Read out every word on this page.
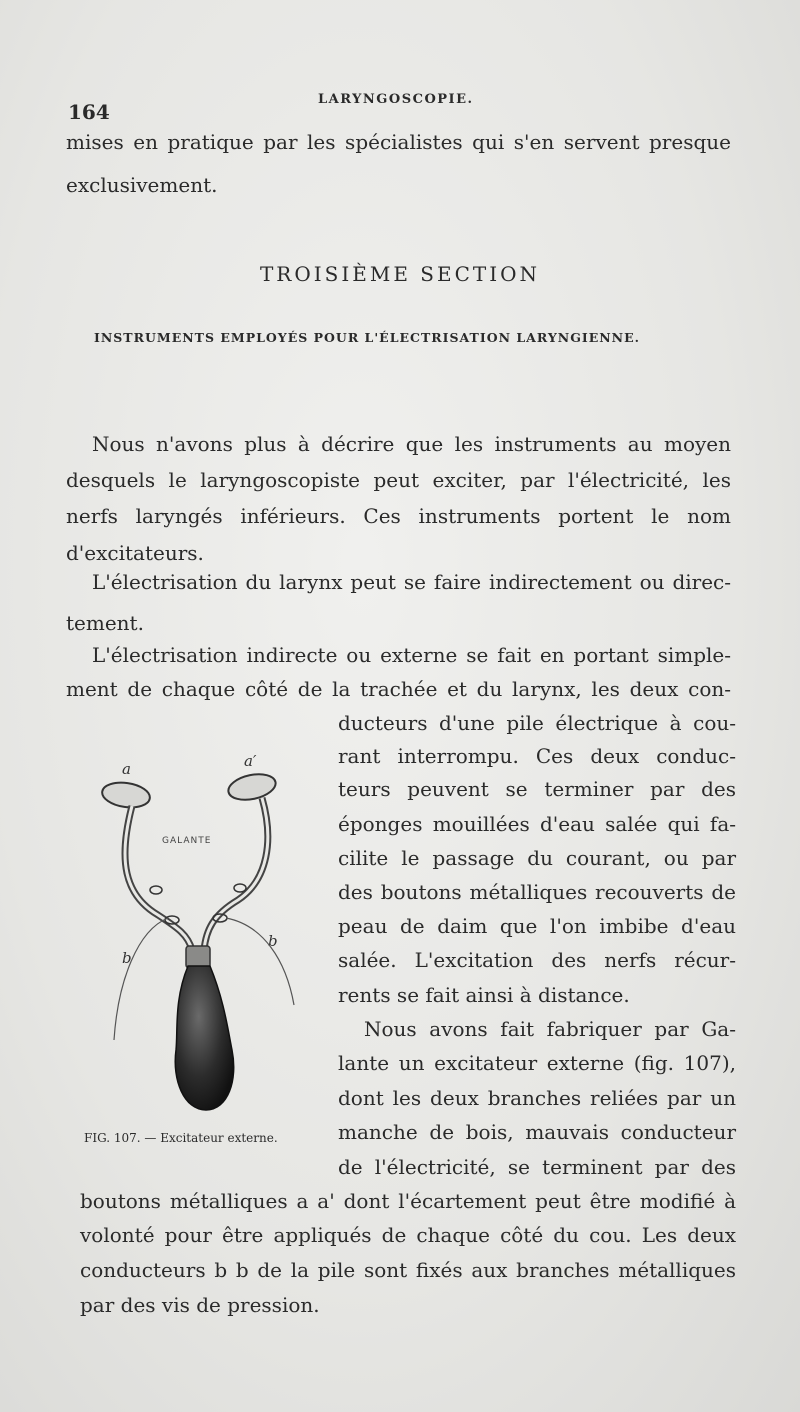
164
LARYNGOSCOPIE.
mises en pratique par les spécialistes qui s'en servent presque
exclusivement.
TROISIÈME SECTION
INSTRUMENTS EMPLOYÉS POUR L'ÉLECTRISATION LARYNGIENNE.
Nous n'avons plus à décrire que les instruments au moyen
desquels le laryngoscopiste peut exciter, par l'électricité, les
nerfs laryngés inférieurs. Ces instruments portent le nom
d'excitateurs.
L'électrisation du larynx peut se faire indirectement ou direc-
tement.
L'électrisation indirecte ou externe se fait en portant simple-
ment de chaque côté de la trachée et du larynx, les deux con-
ducteurs d'une pile électrique à cou-
rant interrompu. Ces deux conduc-
teurs peuvent se terminer par des
éponges mouillées d'eau salée qui fa-
cilite le passage du courant, ou par
des boutons métalliques recouverts de
peau de daim que l'on imbibe d'eau
salée. L'excitation des nerfs récur-
rents se fait ainsi à distance.
Nous avons fait fabriquer par Ga-
lante un excitateur externe (fig. 107),
dont les deux branches reliées par un
manche de bois, mauvais conducteur
de l'électricité, se terminent par des
boutons métalliques a a' dont l'écartement peut être modifié à
volonté pour être appliqués de chaque côté du cou. Les deux
conducteurs b b de la pile sont fixés aux branches métalliques
par des vis de pression.
a	a′
b
b
GALANTE
FIG. 107. — Excitateur externe.
